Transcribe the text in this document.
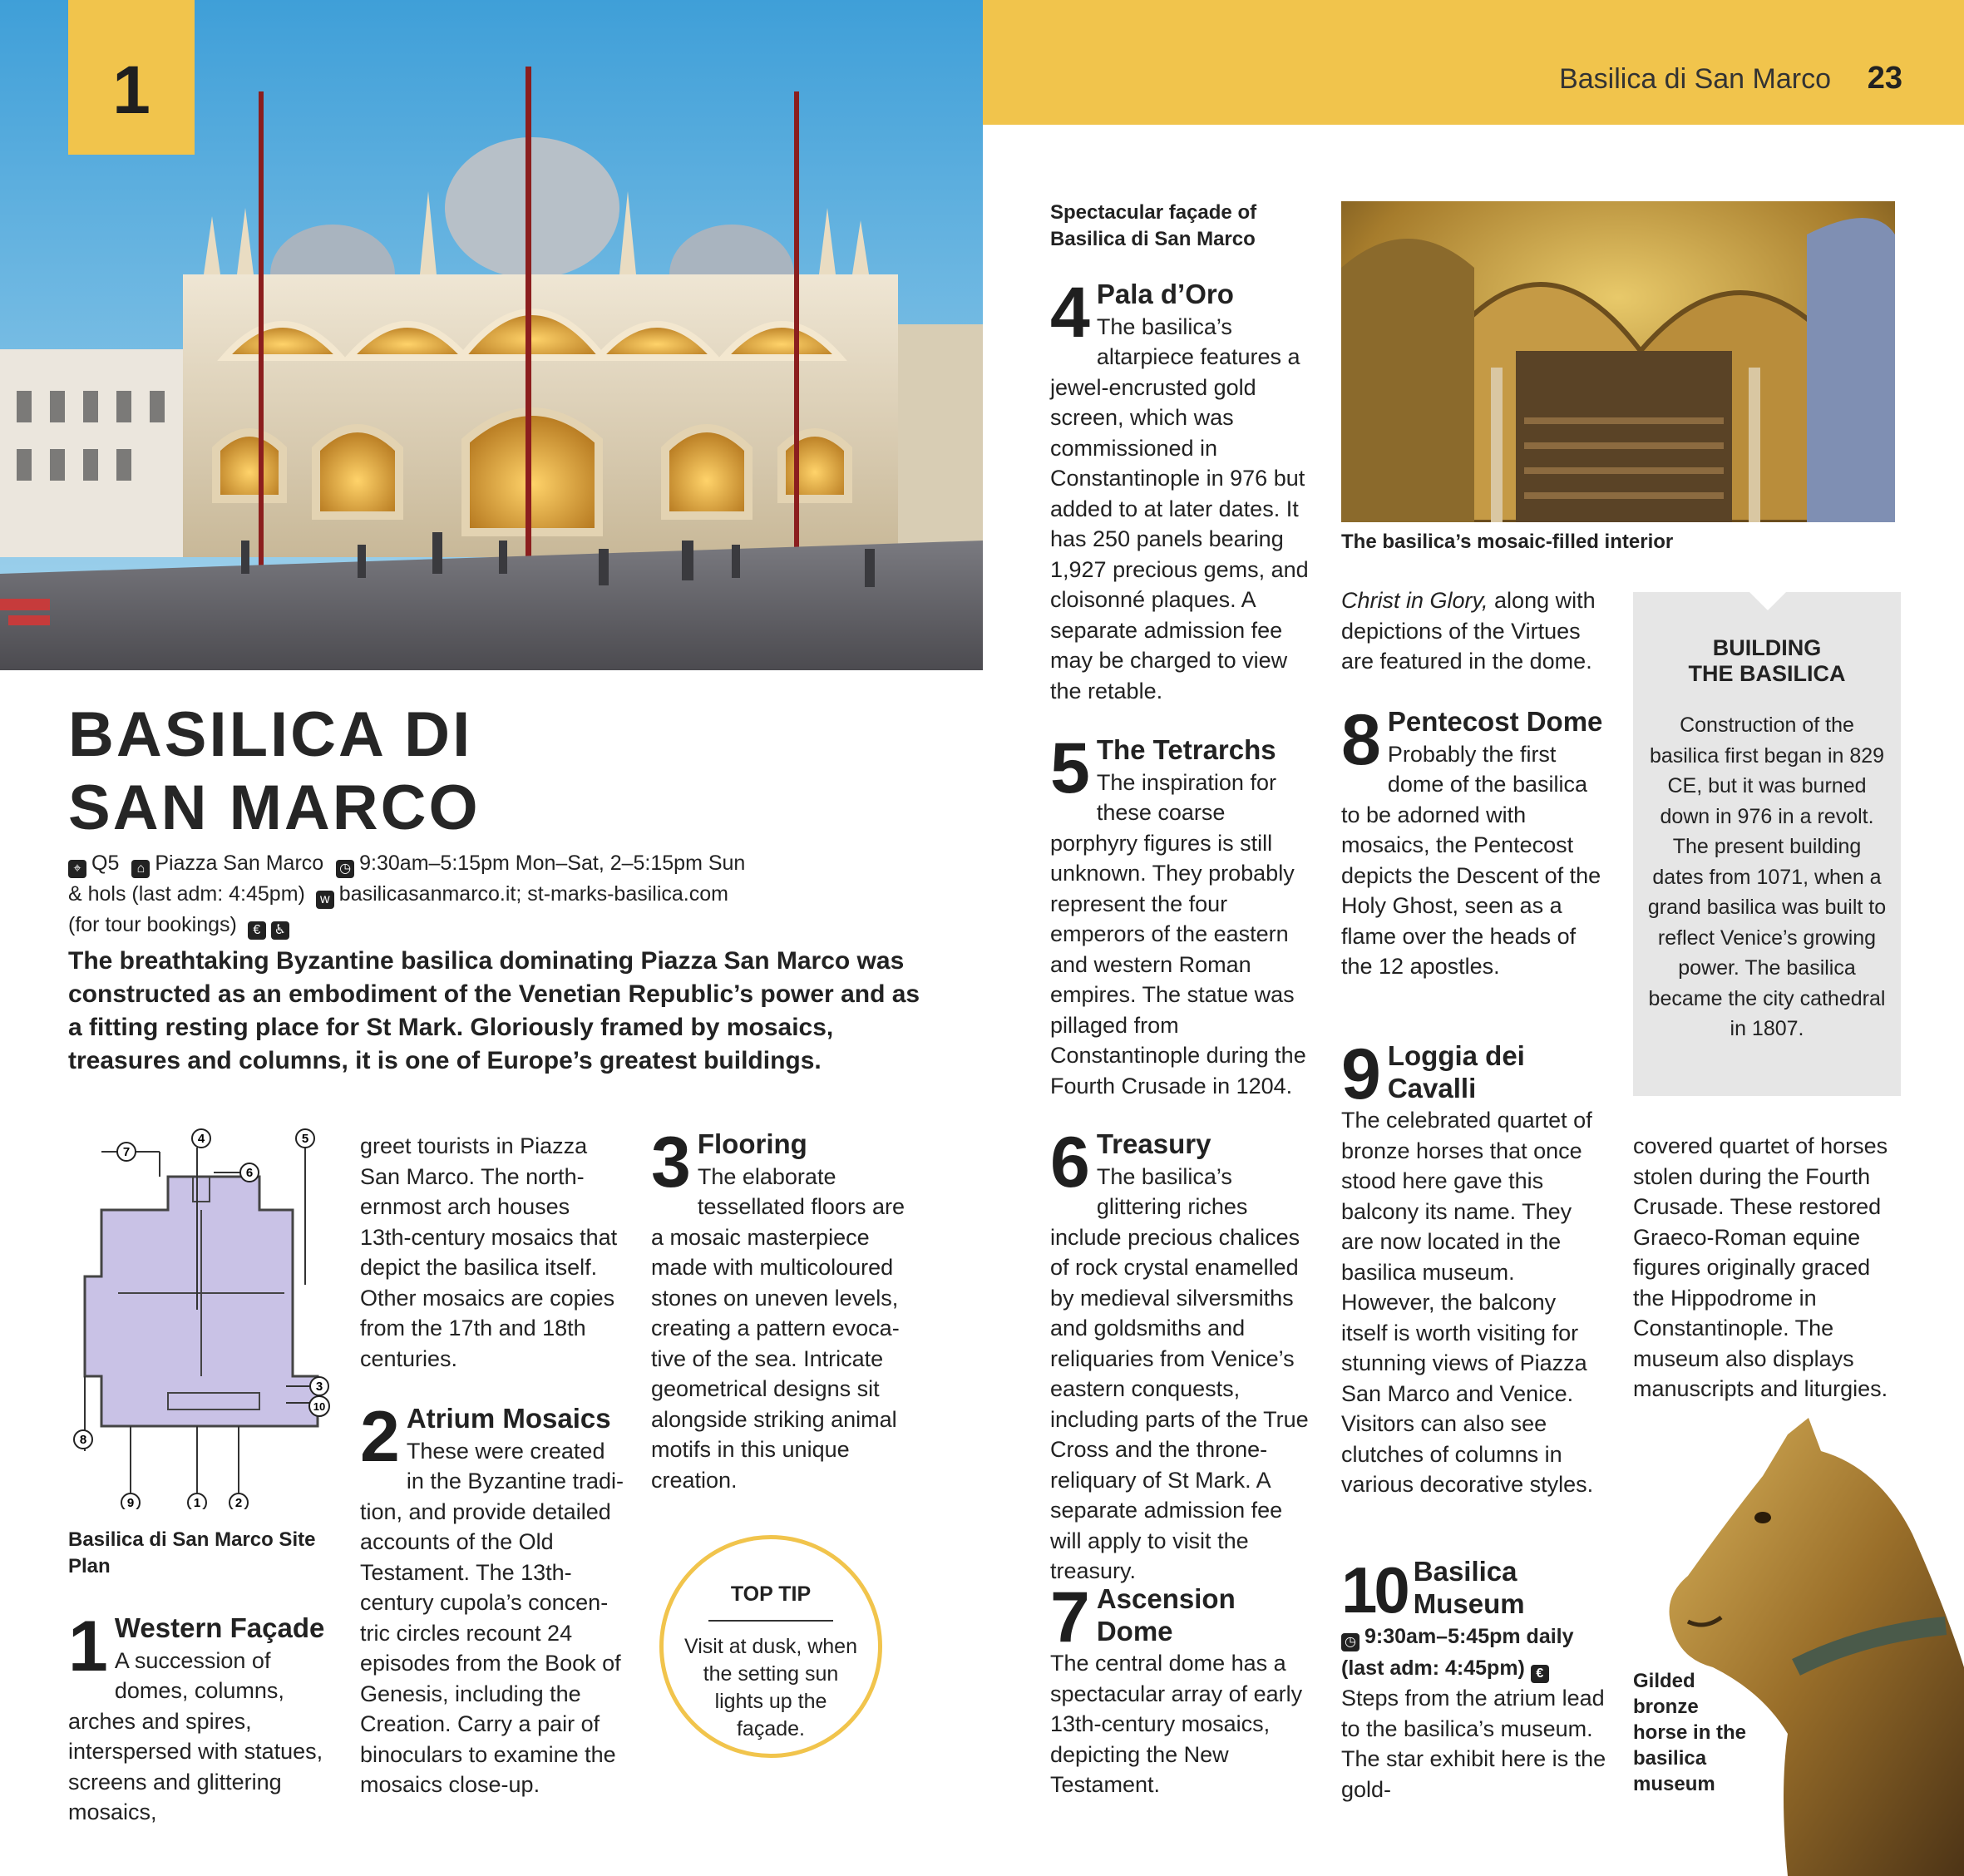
Basilica di San Marco 23
1
BASILICA DI
SAN MARCO
⌖ Q5 ⌂ Piazza San Marco ◷ 9:30am–5:15pm Mon–Sat, 2–5:15pm Sun
& hols (last adm: 4:45pm) w basilicasanmarco.it; st-marks-basilica.com
(for tour bookings) € ♿
The breathtaking Byzantine basilica dominating Piazza San Marco was constructed as an embodiment of the Venetian Republic’s power and as a fitting resting place for St Mark. Gloriously framed by mosaics, treasures and columns, it is one of Europe’s greatest buildings.
7
4	5
6
3
10
8
9	1	2
Basilica di San Marco Site Plan
1 Western Façade
A succession of domes, columns, arches and spires, interspersed with statues, screens and glittering mosaics,
greet tourists in Piazza San Marco. The northernmost arch houses 13th-century mosaics that depict the basilica itself. Other mosaics are copies from the 17th and 18th centuries.
2 Atrium Mosaics
These were created in the Byzantine tradition, and provide detailed accounts of the Old Testament. The 13th-century cupola’s concentric circles recount 24 episodes from the Book of Genesis, including the Creation. Carry a pair of binoculars to examine the mosaics close-up.
3 Flooring
The elaborate tessellated floors are a mosaic masterpiece made with multicoloured stones on uneven levels, creating a pattern evocative of the sea. Intricate geometrical designs sit alongside striking animal motifs in this unique creation.
TOP TIP
Visit at dusk, when the setting sun lights up the façade.
Spectacular façade of Basilica di San Marco
4 Pala d’Oro
The basilica’s altarpiece features a jewel-encrusted gold screen, which was commissioned in Constantinople in 976 but added to at later dates. It has 250 panels bearing 1,927 precious gems, and cloisonné plaques. A separate admission fee may be charged to view the retable.
5 The Tetrarchs
The inspiration for these coarse porphyry figures is still unknown. They probably represent the four emperors of the eastern and western Roman empires. The statue was pillaged from Constantinople during the Fourth Crusade in 1204.
6 Treasury
The basilica’s glittering riches include precious chalices of rock crystal enamelled by medieval silversmiths and goldsmiths and reliquaries from Venice’s eastern conquests, including parts of the True Cross and the throne-reliquary of St Mark. A separate admission fee will apply to visit the treasury.
7 Ascension Dome
The central dome has a spectacular array of early 13th-century mosaics, depicting the New Testament.
The basilica’s mosaic-filled interior
Christ in Glory, along with depictions of the Virtues are featured in the dome.
8 Pentecost Dome
Probably the first dome of the basilica to be adorned with mosaics, the Pentecost depicts the Descent of the Holy Ghost, seen as a flame over the heads of the 12 apostles.
9 Loggia dei Cavalli
The celebrated quartet of bronze horses that once stood here gave this balcony its name. They are now located in the basilica museum. However, the balcony itself is worth visiting for stunning views of Piazza San Marco and Venice. Visitors can also see clutches of columns in various decorative styles.
10 Basilica Museum
◷ 9:30am–5:45pm daily (last adm: 4:45pm) €
Steps from the atrium lead to the basilica’s museum. The star exhibit here is the gold-
BUILDING
THE BASILICA
Construction of the basilica first began in 829 CE, but it was burned down in 976 in a revolt. The present building dates from 1071, when a grand basilica was built to reflect Venice’s growing power. The basilica became the city cathedral in 1807.
covered quartet of horses stolen during the Fourth Crusade. These restored Graeco-Roman equine figures originally graced the Hippodrome in Constantinople. The museum also displays manuscripts and liturgies.
Gilded bronze horse in the basilica museum
